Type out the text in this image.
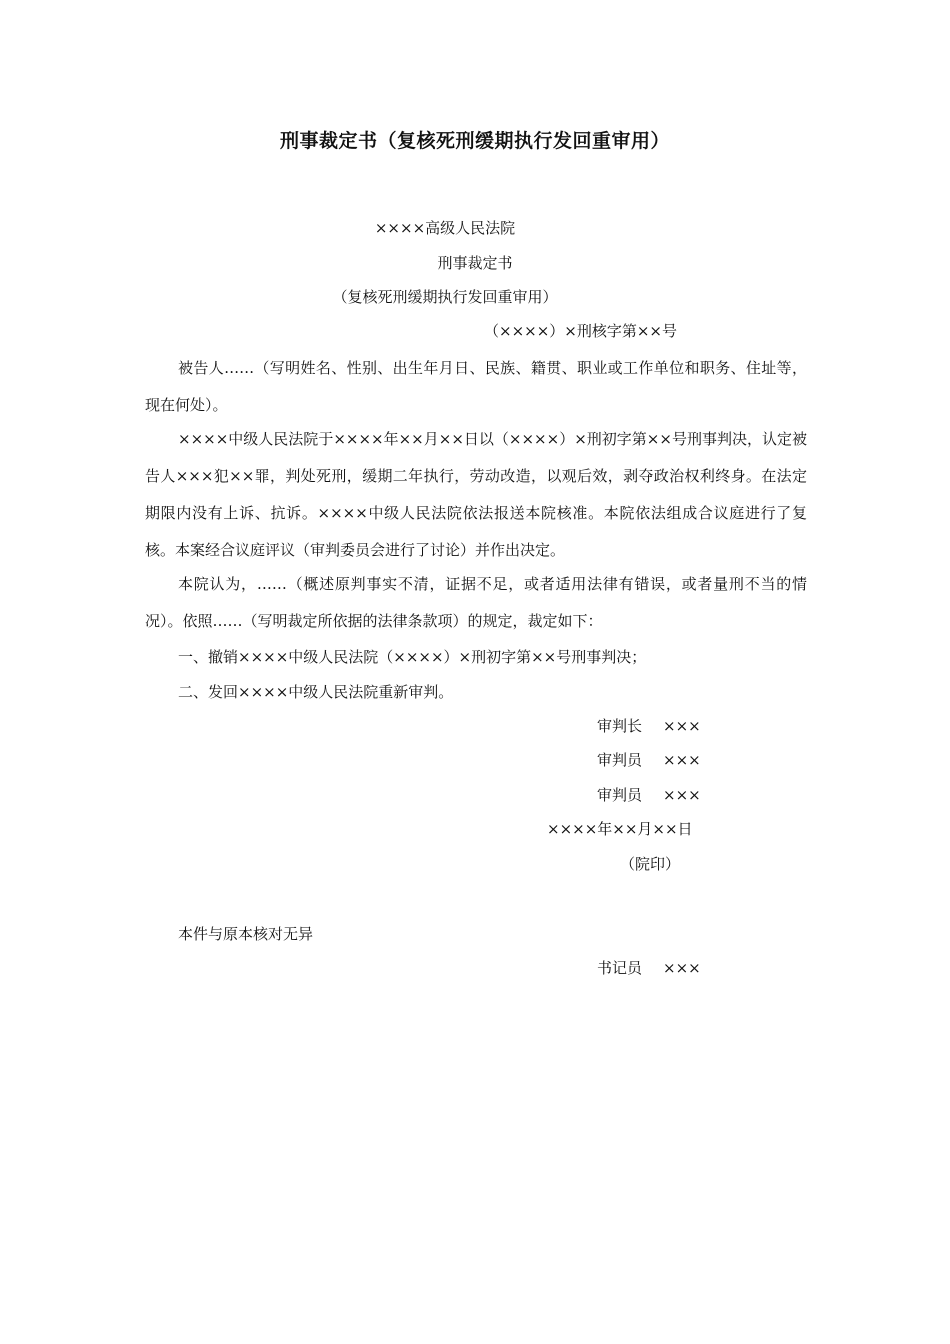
刑事裁定书（复核死刑缓期执行发回重审用）
××××高级人民法院
刑事裁定书
（复核死刑缓期执行发回重审用）
（××××）×刑核字第××号

被告人……（写明姓名、性别、出生年月日、民族、籍贯、职业或工作单位和职务、住址等，现在何处）。

××××中级人民法院于××××年××月××日以（××××）×刑初字第××号刑事判决，认定被告人×××犯××罪，判处死刑，缓期二年执行，劳动改造，以观后效，剥夺政治权利终身。在法定期限内没有上诉、抗诉。××××中级人民法院依法报送本院核准。本院依法组成合议庭进行了复核。本案经合议庭评议（审判委员会进行了讨论）并作出决定。

本院认为，……（概述原判事实不清，证据不足，或者适用法律有错误，或者量刑不当的情况）。依照……（写明裁定所依据的法律条款项）的规定，裁定如下：

一、撤销××××中级人民法院（××××）×刑初字第××号刑事判决；

二、发回××××中级人民法院重新审判。

审判长 ×××
审判员 ×××
审判员 ×××
××××年××月××日
（院印）
本件与原本核对无异
书记员 ×××
